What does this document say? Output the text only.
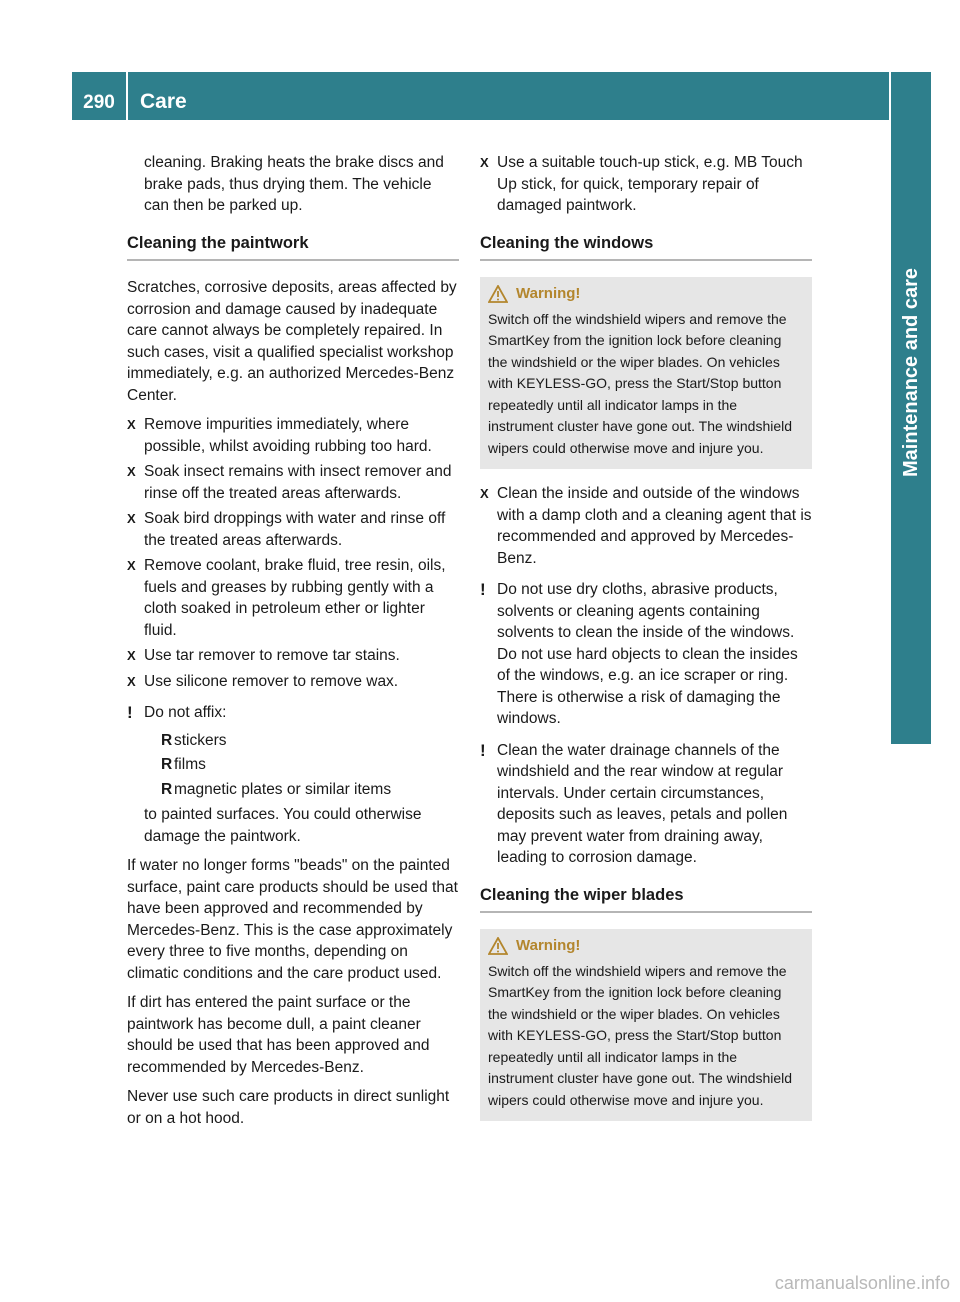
290	Care
Maintenance and care

cleaning. Braking heats the brake discs and brake pads, thus drying them. The vehicle can then be parked up.

Cleaning the paintwork

Scratches, corrosive deposits, areas affected by corrosion and damage caused by inadequate care cannot always be completely repaired. In such cases, visit a qualified specialist workshop immediately, e.g. an authorized Mercedes-Benz Center.

X Remove impurities immediately, where possible, whilst avoiding rubbing too hard.
X Soak insect remains with insect remover and rinse off the treated areas afterwards.
X Soak bird droppings with water and rinse off the treated areas afterwards.
X Remove coolant, brake fluid, tree resin, oils, fuels and greases by rubbing gently with a cloth soaked in petroleum ether or lighter fluid.
X Use tar remover to remove tar stains.
X Use silicone remover to remove wax.
! Do not affix:
R stickers
R films
R magnetic plates or similar items
to painted surfaces. You could otherwise damage the paintwork.

If water no longer forms "beads" on the painted surface, paint care products should be used that have been approved and recommended by Mercedes-Benz. This is the case approximately every three to five months, depending on climatic conditions and the care product used.

If dirt has entered the paint surface or the paintwork has become dull, a paint cleaner should be used that has been approved and recommended by Mercedes-Benz.

Never use such care products in direct sunlight or on a hot hood.

X Use a suitable touch-up stick, e.g. MB Touch Up stick, for quick, temporary repair of damaged paintwork.
Cleaning the windows
Warning!
Switch off the windshield wipers and remove the SmartKey from the ignition lock before cleaning the windshield or the wiper blades. On vehicles with KEYLESS-GO, press the Start/Stop button repeatedly until all indicator lamps in the instrument cluster have gone out. The windshield wipers could otherwise move and injure you.
X Clean the inside and outside of the windows with a damp cloth and a cleaning agent that is recommended and approved by Mercedes-Benz.
! Do not use dry cloths, abrasive products, solvents or cleaning agents containing solvents to clean the inside of the windows. Do not use hard objects to clean the insides of the windows, e.g. an ice scraper or ring. There is otherwise a risk of damaging the windows.
! Clean the water drainage channels of the windshield and the rear window at regular intervals. Under certain circumstances, deposits such as leaves, petals and pollen may prevent water from draining away, leading to corrosion damage.
Cleaning the wiper blades
Warning!
Switch off the windshield wipers and remove the SmartKey from the ignition lock before cleaning the windshield or the wiper blades. On vehicles with KEYLESS-GO, press the Start/Stop button repeatedly until all indicator lamps in the instrument cluster have gone out. The windshield wipers could otherwise move and injure you.
carmanualsonline.info
